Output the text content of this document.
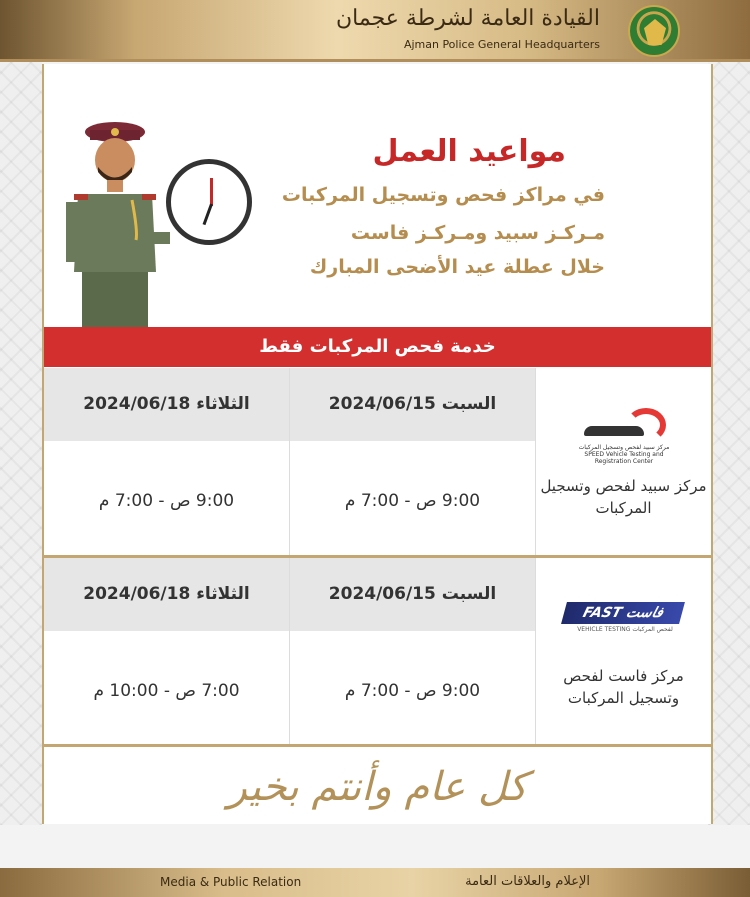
القيادة العامة لشرطة عجمان
Ajman Police General Headquarters
مواعيد العمل
في مراكز فحص وتسجيل المركبات
مـركـز سبيد ومـركـز فاست
خلال عطلة عيد الأضحى المبارك
خدمة فحص المركبات فقط
مركز سبيد لفحص وتسجيل المركبات SPEED Vehicle Testing and Registration Center
مركز سبيد لفحص وتسجيل المركبات
السبت 2024/06/15
9:00 ص - 7:00 م
الثلاثاء 2024/06/18
9:00 ص - 7:00 م
FAST فاست
VEHICLE TESTING لفحص المركبات
مركز فاست لفحص وتسجيل المركبات
السبت 2024/06/15
9:00 ص - 7:00 م
الثلاثاء 2024/06/18
7:00 ص - 10:00 م
كل عام وأنتم بخير
Media & Public Relation	الإعلام والعلاقات العامة
